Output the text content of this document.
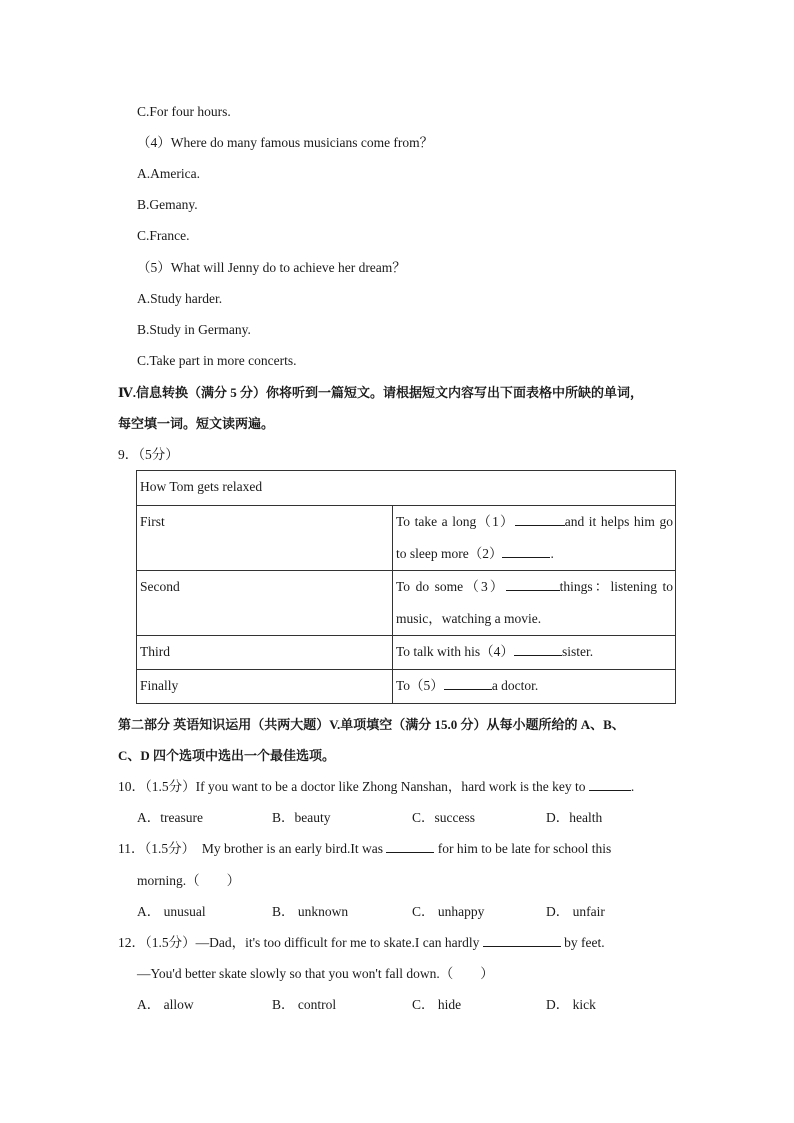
C.For four hours.
（4）Where do many famous musicians come from？
A.America.
B.Gemany.
C.France.
（5）What will Jenny do to achieve her dream？
A.Study harder.
B.Study in Germany.
C.Take part in more concerts.
Ⅳ.信息转换（满分 5 分）你将听到一篇短文。请根据短文内容写出下面表格中所缺的单词，
每空填一词。短文读两遍。
9．（5分）
How Tom gets relaxed	
First	To take a long（1） and it helps him go to sleep more（2） .
Second	To do some（3） things：listening to music，watching a movie.
Third	To talk with his（4） sister.
Finally	To（5） a doctor.
第二部分 英语知识运用（共两大题）V.单项填空（满分 15.0 分）从每小题所给的 A、B、
C、D 四个选项中选出一个最佳选项。
10．（1.5分）If you want to be a doctor like Zhong Nanshan，hard work is the key to	.
A．treasure	B．beauty	C．success	D．health
11．（1.5分） My brother is an early bird.It was	for him to be late for school this
morning.（　　）
A． unusual	B． unknown	C． unhappy	D． unfair
12．（1.5分）—Dad，it's too difficult for me to skate.I can hardly	by feet.
—You'd better skate slowly so that you won't fall down.（　　）
A． allow	B． control	C． hide	D． kick
